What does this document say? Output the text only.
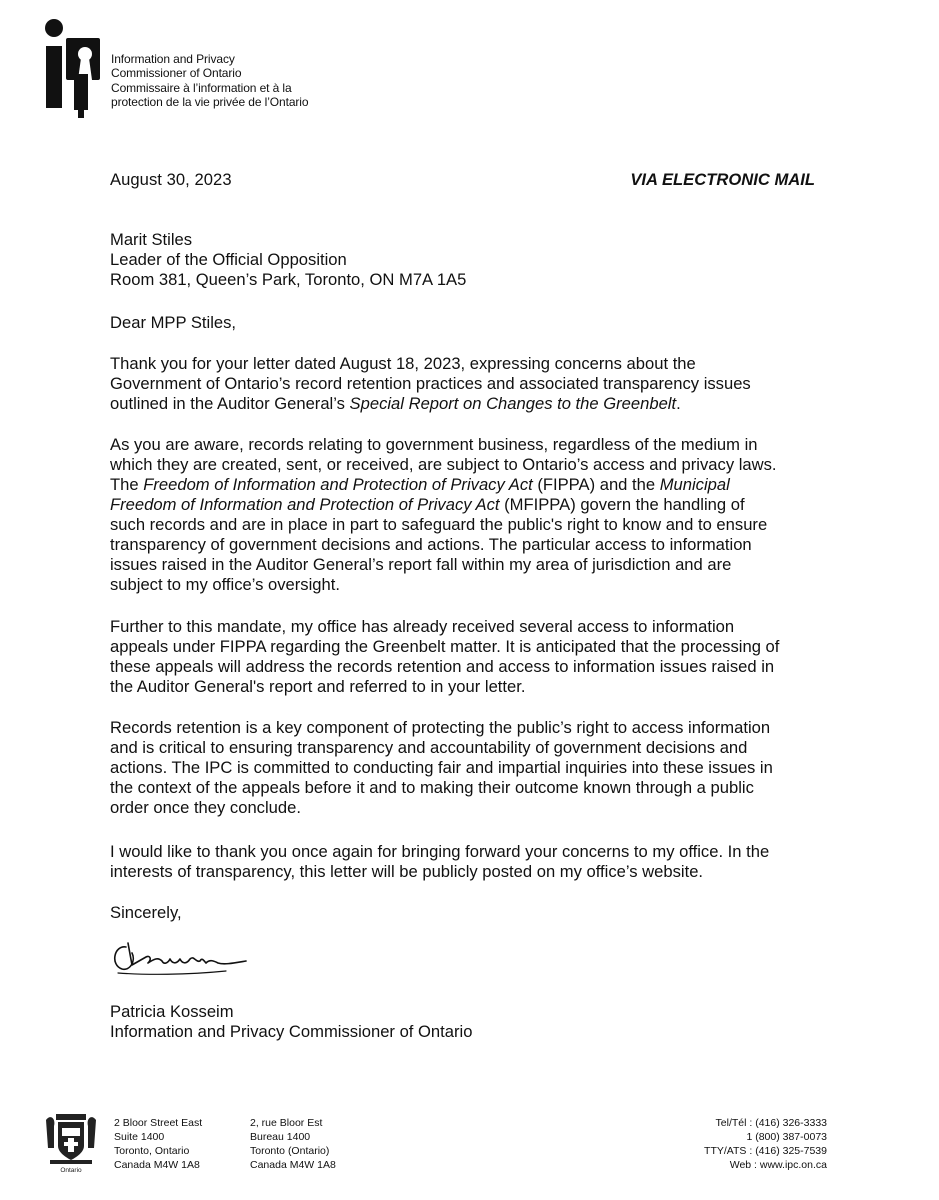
Information and Privacy
Commissioner of Ontario
Commissaire à l’information et à la
protection de la vie privée de l’Ontario
August 30, 2023	VIA ELECTRONIC MAIL
Marit Stiles
Leader of the Official Opposition
Room 381, Queen’s Park, Toronto, ON M7A 1A5
Dear MPP Stiles,
Thank you for your letter dated August 18, 2023, expressing concerns about the
Government of Ontario’s record retention practices and associated transparency issues
outlined in the Auditor General’s Special Report on Changes to the Greenbelt.
As you are aware, records relating to government business, regardless of the medium in
which they are created, sent, or received, are subject to Ontario’s access and privacy laws.
The Freedom of Information and Protection of Privacy Act (FIPPA) and the Municipal
Freedom of Information and Protection of Privacy Act (MFIPPA) govern the handling of
such records and are in place in part to safeguard the public's right to know and to ensure
transparency of government decisions and actions. The particular access to information
issues raised in the Auditor General’s report fall within my area of jurisdiction and are
subject to my office’s oversight.
Further to this mandate, my office has already received several access to information
appeals under FIPPA regarding the Greenbelt matter. It is anticipated that the processing of
these appeals will address the records retention and access to information issues raised in
the Auditor General's report and referred to in your letter.
Records retention is a key component of protecting the public’s right to access information
and is critical to ensuring transparency and accountability of government decisions and
actions. The IPC is committed to conducting fair and impartial inquiries into these issues in
the context of the appeals before it and to making their outcome known through a public
order once they conclude.
I would like to thank you once again for bringing forward your concerns to my office. In the
interests of transparency, this letter will be publicly posted on my office’s website.
Sincerely,
Patricia Kosseim
Information and Privacy Commissioner of Ontario
Ontario
2 Bloor Street East
Suite 1400
Toronto, Ontario
Canada M4W 1A8
2, rue Bloor Est
Bureau 1400
Toronto (Ontario)
Canada M4W 1A8
Tel/Tél : (416) 326-3333
1 (800) 387-0073
TTY/ATS : (416) 325-7539
Web : www.ipc.on.ca
